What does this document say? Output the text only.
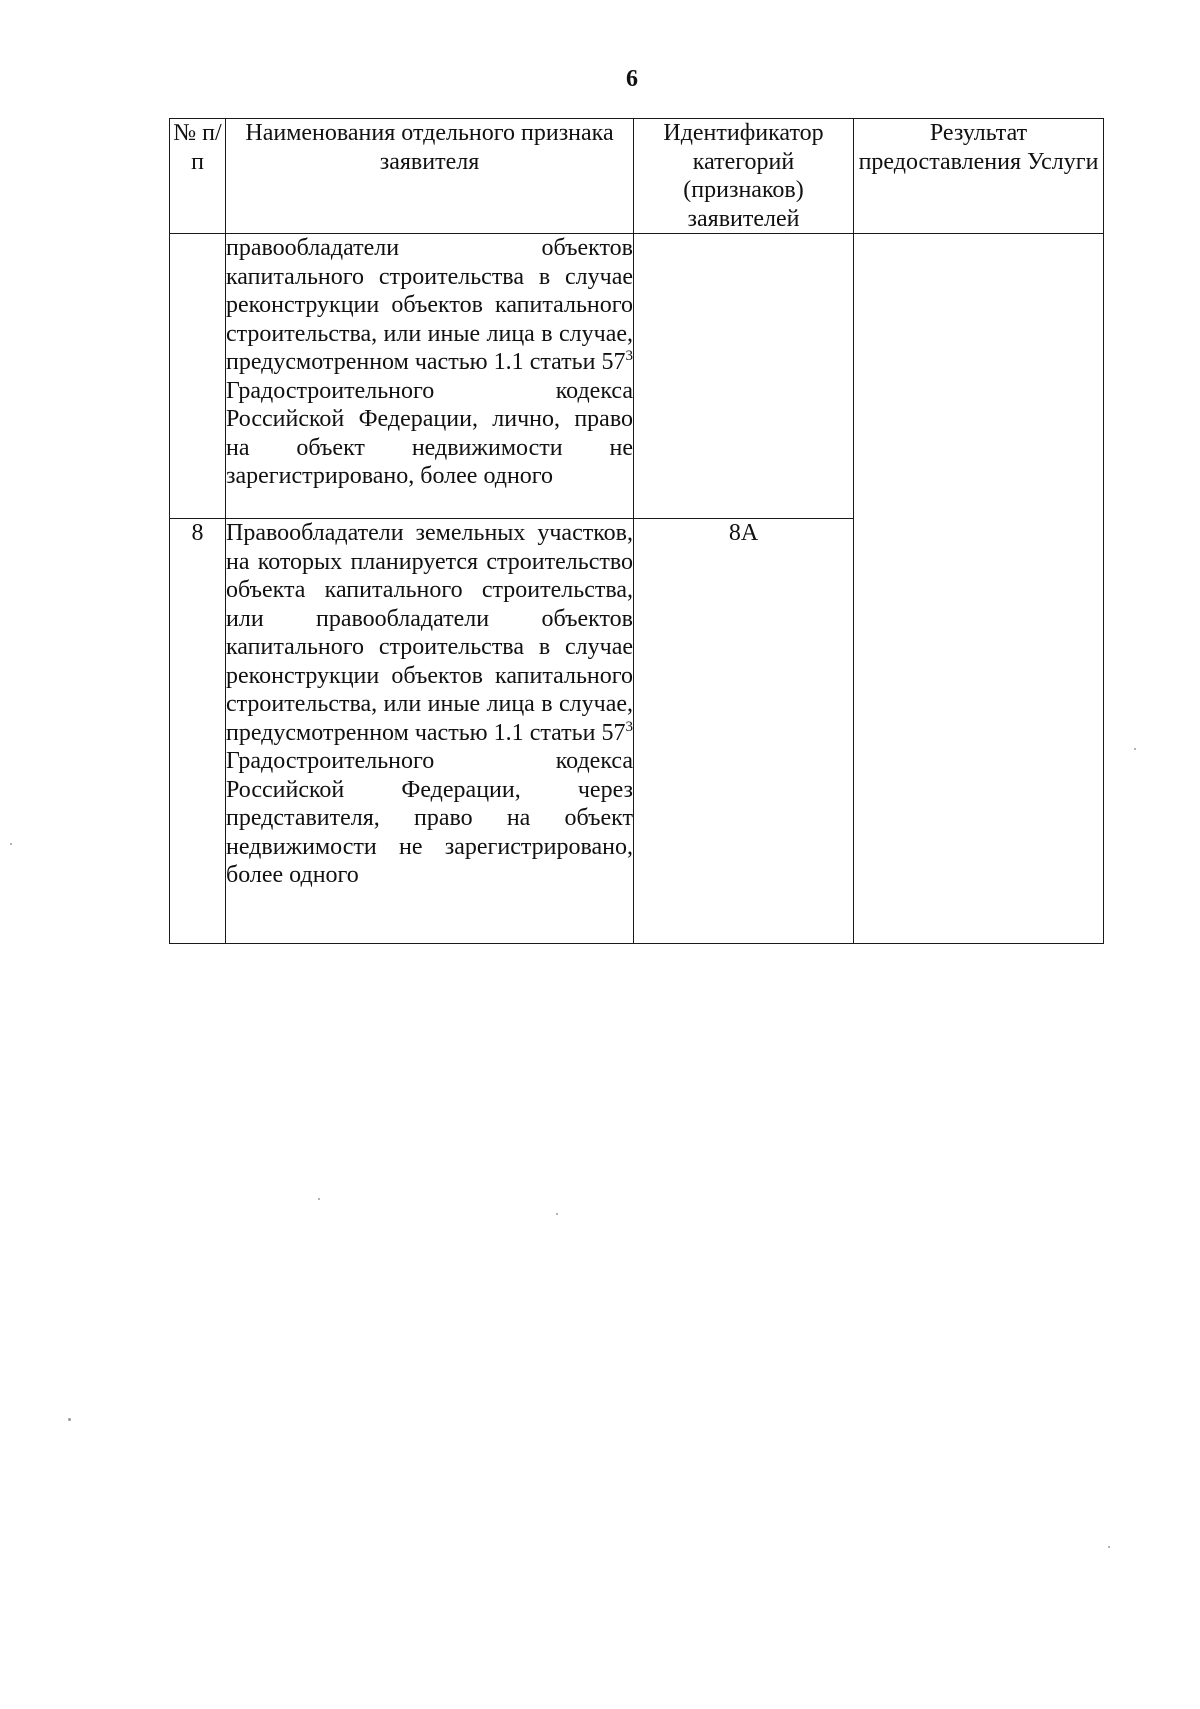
6
№ п/п	Наименования отдельного признака заявителя	Идентификатор категорий (признаков) заявителей	Результат предоставления Услуги
	правообладатели объектов капитального строительства в случае реконструкции объектов капитального строительства, или иные лица в случае, предусмотренном частью 1.1 статьи $57^3$ Градостроительного кодекса Российской Федерации, лично, право на объект недвижимости не зарегистрировано, более одного		
8	Правообладатели земельных участков, на которых планируется строительство объекта капитального строительства, или правообладатели объектов капитального строительства в случае реконструкции объектов капитального строительства, или иные лица в случае, предусмотренном частью 1.1 статьи $57^3$ Градостроительного кодекса Российской Федерации, через представителя, право на объект недвижимости не зарегистрировано, более одного	8А	
